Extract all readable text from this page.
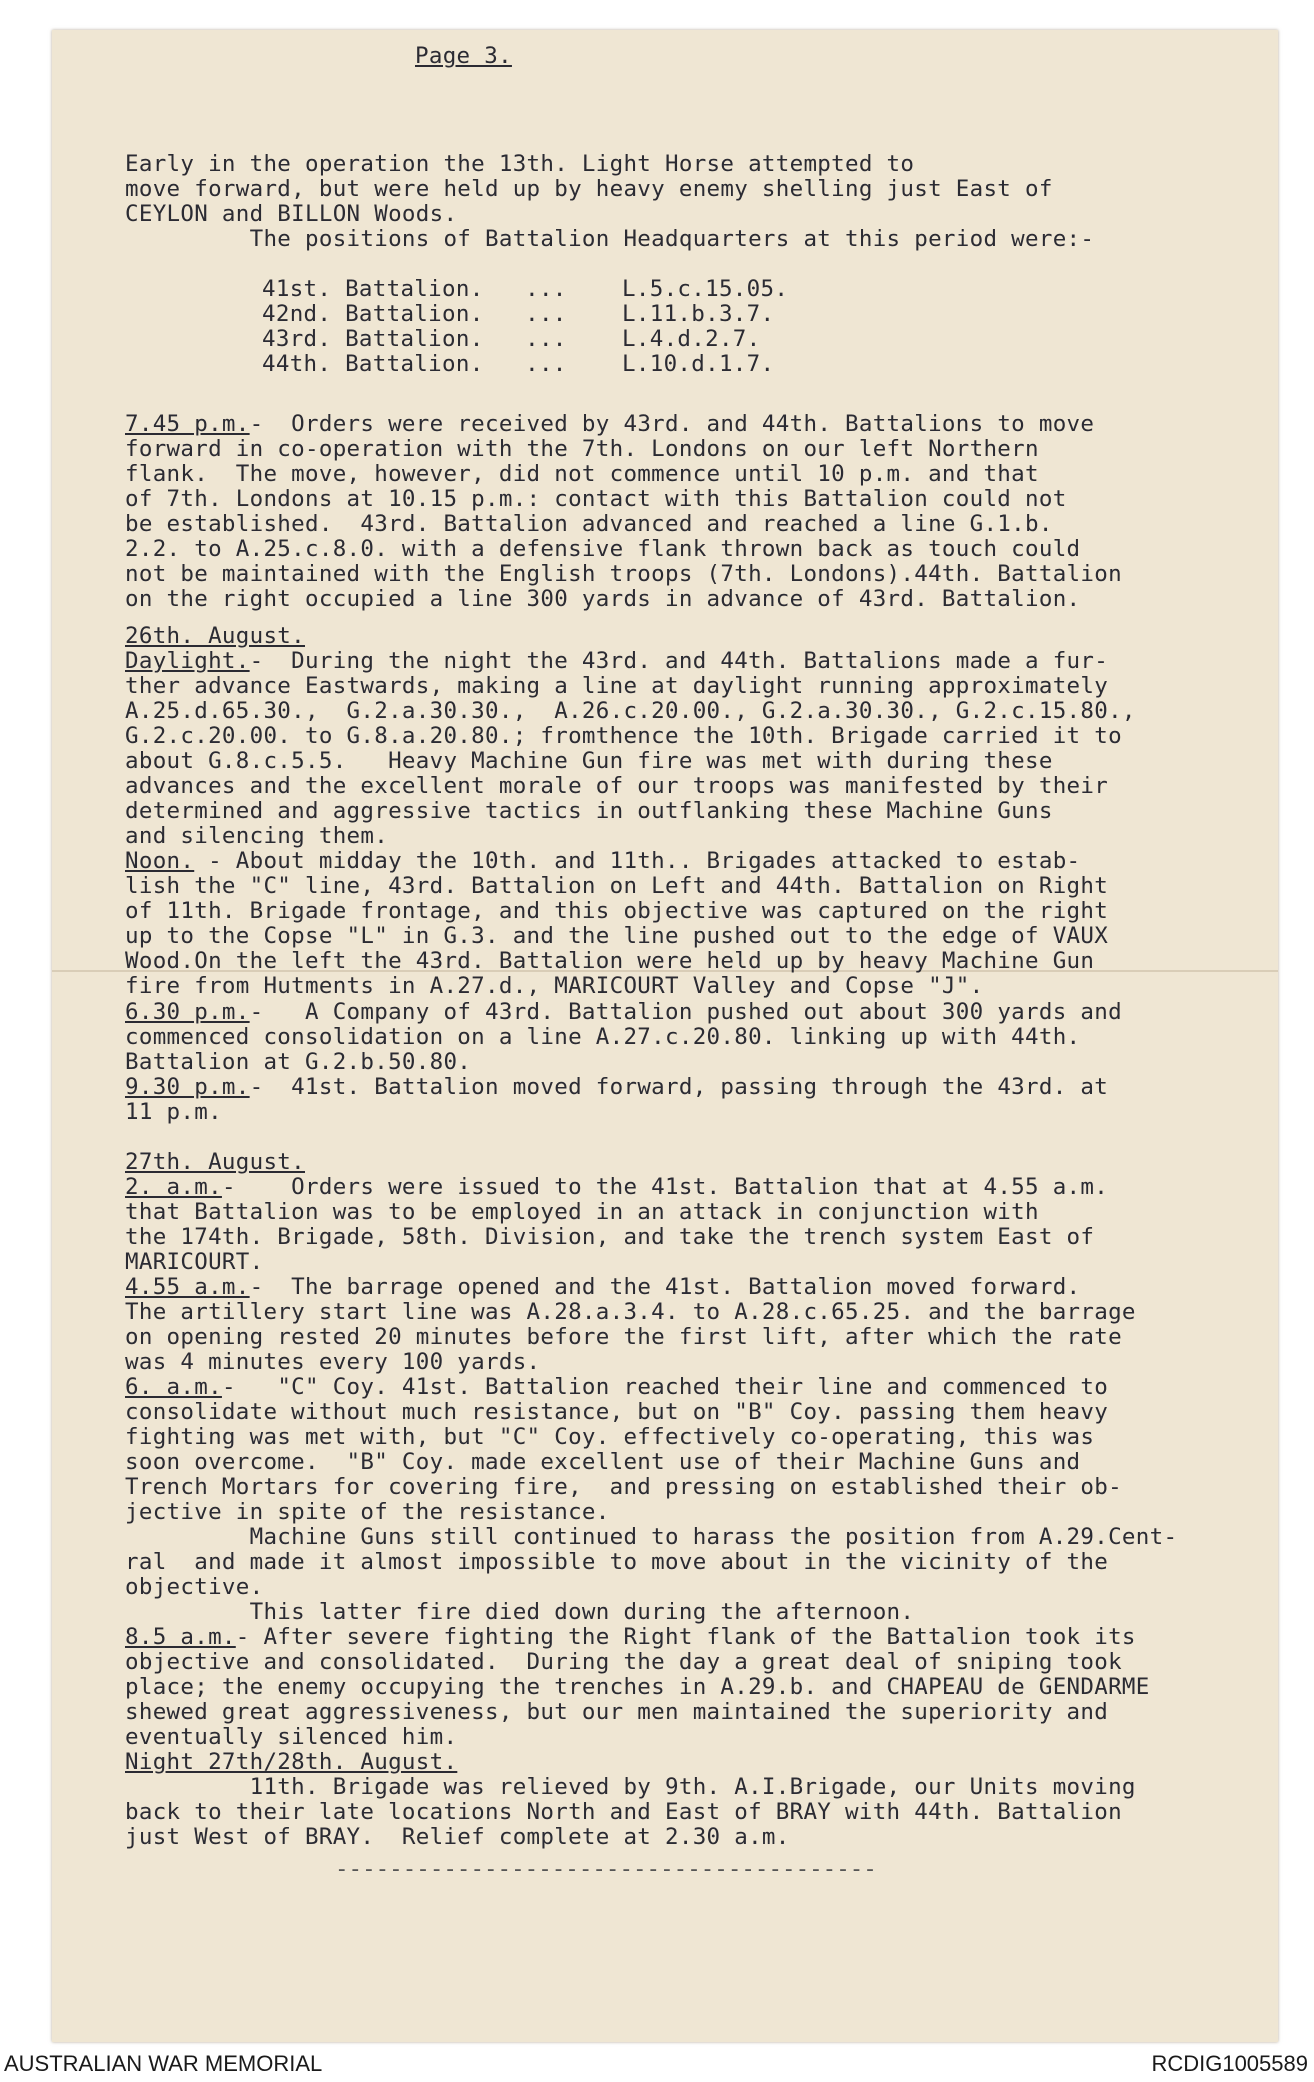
Page 3.

Early in the operation the 13th. Light Horse attempted to
move forward, but were held up by heavy enemy shelling just East of
CEYLON and BILLON Woods.
The positions of Battalion Headquarters at this period were:-

41st. Battalion. ... L.5.c.15.05.

42nd. Battalion. ... L.11.b.3.7.

43rd. Battalion. ... L.4.d.2.7.

44th. Battalion. ... L.10.d.1.7.

7.45 p.m.-  Orders were received by 43rd. and 44th. Battalions to move
forward in co-operation with the 7th. Londons on our left Northern
flank.  The move, however, did not commence until 10 p.m. and that
of 7th. Londons at 10.15 p.m.: contact with this Battalion could not
be established.  43rd. Battalion advanced and reached a line G.1.b.
2.2. to A.25.c.8.0. with a defensive flank thrown back as touch could
not be maintained with the English troops (7th. Londons).44th. Battalion
on the right occupied a line 300 yards in advance of 43rd. Battalion.

26th. August.

Daylight.-  During the night the 43rd. and 44th. Battalions made a fur-
ther advance Eastwards, making a line at daylight running approximately
A.25.d.65.30.,  G.2.a.30.30.,  A.26.c.20.00., G.2.a.30.30., G.2.c.15.80.,
G.2.c.20.00. to G.8.a.20.80.; fromthence the 10th. Brigade carried it to
about G.8.c.5.5.   Heavy Machine Gun fire was met with during these
advances and the excellent morale of our troops was manifested by their
determined and aggressive tactics in outflanking these Machine Guns
and silencing them.

Noon. - About midday the 10th. and 11th.. Brigades attacked to estab-
lish the "C" line, 43rd. Battalion on Left and 44th. Battalion on Right
of 11th. Brigade frontage, and this objective was captured on the right
up to the Copse "L" in G.3. and the line pushed out to the edge of VAUX
Wood.On the left the 43rd. Battalion were held up by heavy Machine Gun
fire from Hutments in A.27.d., MARICOURT Valley and Copse "J".

6.30 p.m.-   A Company of 43rd. Battalion pushed out about 300 yards and
commenced consolidation on a line A.27.c.20.80. linking up with 44th.
Battalion at G.2.b.50.80.

9.30 p.m.-  41st. Battalion moved forward, passing through the 43rd. at
11 p.m.

27th. August.

2. a.m.-    Orders were issued to the 41st. Battalion that at 4.55 a.m.
that Battalion was to be employed in an attack in conjunction with
the 174th. Brigade, 58th. Division, and take the trench system East of
MARICOURT.

4.55 a.m.-  The barrage opened and the 41st. Battalion moved forward.
The artillery start line was A.28.a.3.4. to A.28.c.65.25. and the barrage
on opening rested 20 minutes before the first lift, after which the rate
was 4 minutes every 100 yards.

6. a.m.-   "C" Coy. 41st. Battalion reached their line and commenced to
consolidate without much resistance, but on "B" Coy. passing them heavy
fighting was met with, but "C" Coy. effectively co-operating, this was
soon overcome.  "B" Coy. made excellent use of their Machine Guns and
Trench Mortars for covering fire,  and pressing on established their ob-
jective in spite of the resistance.
Machine Guns still continued to harass the position from A.29.Cent-
ral  and made it almost impossible to move about in the vicinity of the
objective.
This latter fire died down during the afternoon.

8.5 a.m.- After severe fighting the Right flank of the Battalion took its
objective and consolidated.  During the day a great deal of sniping took
place; the enemy occupying the trenches in A.29.b. and CHAPEAU de GENDARME
shewed great aggressiveness, but our men maintained the superiority and
eventually silenced him.

Night 27th/28th. August.

11th. Brigade was relieved by 9th. A.I.Brigade, our Units moving
back to their late locations North and East of BRAY with 44th. Battalion
just West of BRAY.  Relief complete at 2.30 a.m.

----------------------------------------

AUSTRALIAN WAR MEMORIAL	RCDIG1005589
